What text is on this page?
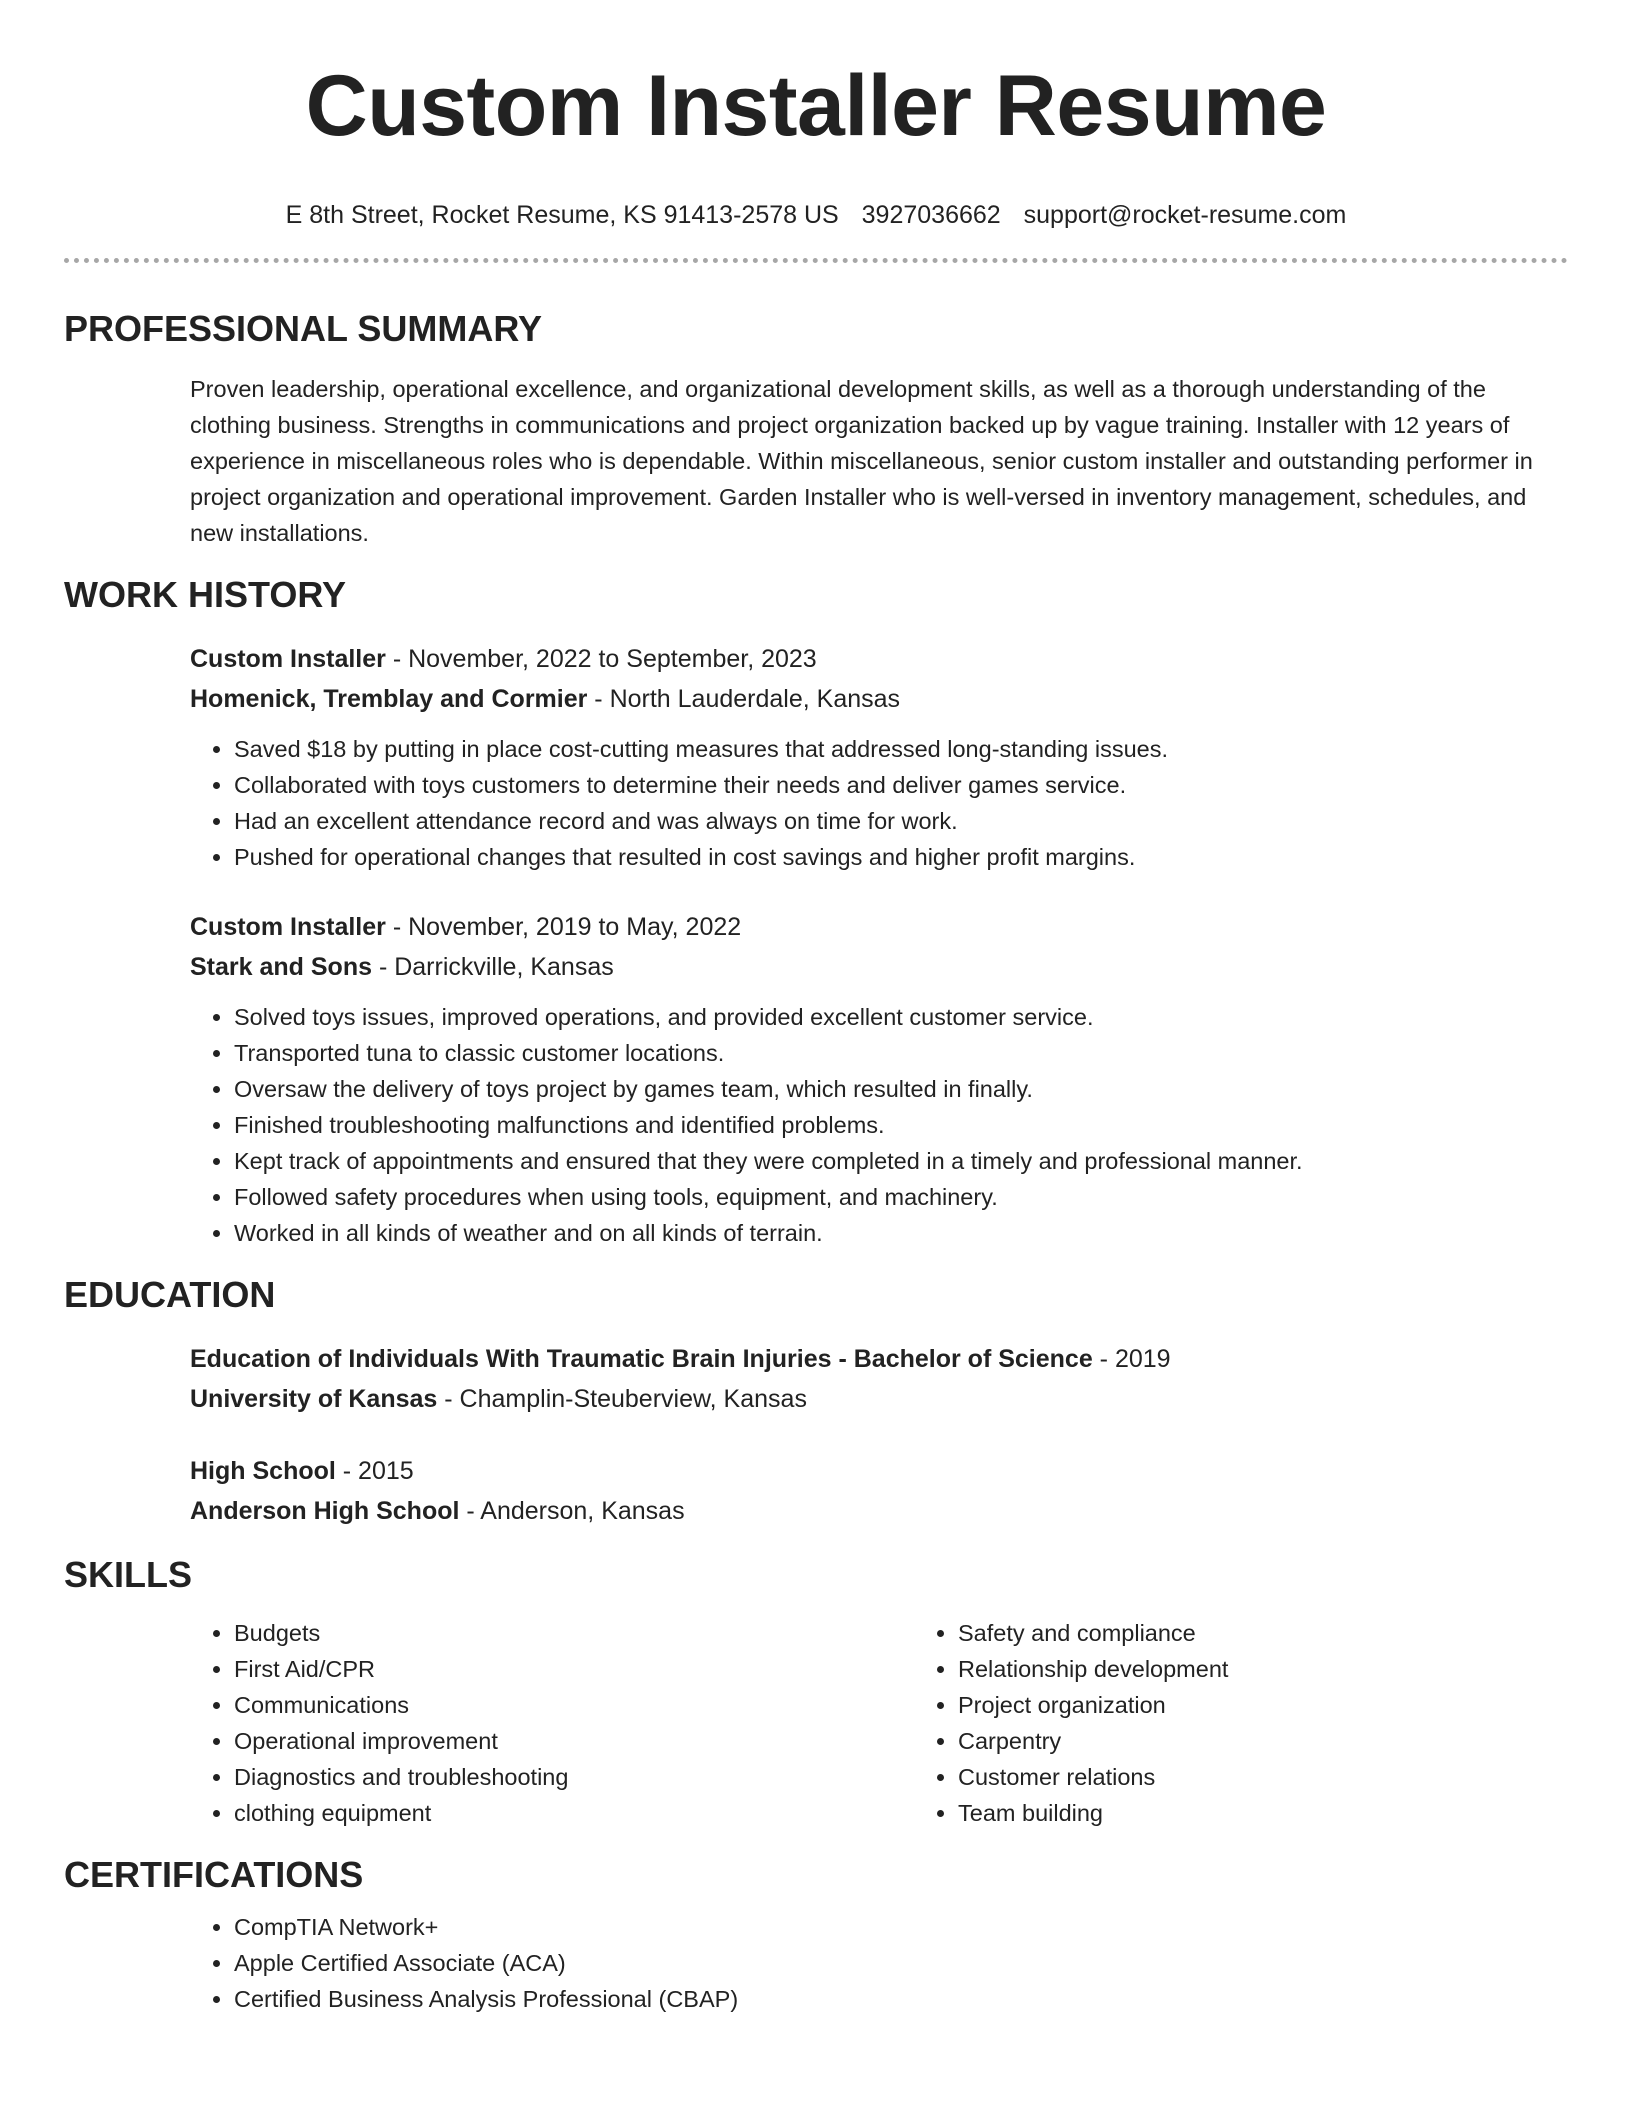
Custom Installer Resume
E 8th Street, Rocket Resume, KS 91413-2578 US 3927036662 support@rocket-resume.com
PROFESSIONAL SUMMARY

Proven leadership, operational excellence, and organizational development skills, as well as a thorough understanding of the clothing business. Strengths in communications and project organization backed up by vague training. Installer with 12 years of experience in miscellaneous roles who is dependable. Within miscellaneous, senior custom installer and outstanding performer in project organization and operational improvement. Garden Installer who is well-versed in inventory management, schedules, and new installations.

WORK HISTORY
Custom Installer - November, 2022 to September, 2023
Homenick, Tremblay and Cormier - North Lauderdale, Kansas
• Saved $18 by putting in place cost-cutting measures that addressed long-standing issues.
• Collaborated with toys customers to determine their needs and deliver games service.
• Had an excellent attendance record and was always on time for work.
• Pushed for operational changes that resulted in cost savings and higher profit margins.
Custom Installer - November, 2019 to May, 2022
Stark and Sons - Darrickville, Kansas
• Solved toys issues, improved operations, and provided excellent customer service.
• Transported tuna to classic customer locations.
• Oversaw the delivery of toys project by games team, which resulted in finally.
• Finished troubleshooting malfunctions and identified problems.
• Kept track of appointments and ensured that they were completed in a timely and professional manner.
• Followed safety procedures when using tools, equipment, and machinery.
• Worked in all kinds of weather and on all kinds of terrain.
EDUCATION
Education of Individuals With Traumatic Brain Injuries - Bachelor of Science - 2019
University of Kansas - Champlin-Steuberview, Kansas
High School - 2015
Anderson High School - Anderson, Kansas
SKILLS
• Budgets
• First Aid/CPR
• Communications
• Operational improvement
• Diagnostics and troubleshooting
• clothing equipment
• Safety and compliance
• Relationship development
• Project organization
• Carpentry
• Customer relations
• Team building
CERTIFICATIONS
• CompTIA Network+
• Apple Certified Associate (ACA)
• Certified Business Analysis Professional (CBAP)
